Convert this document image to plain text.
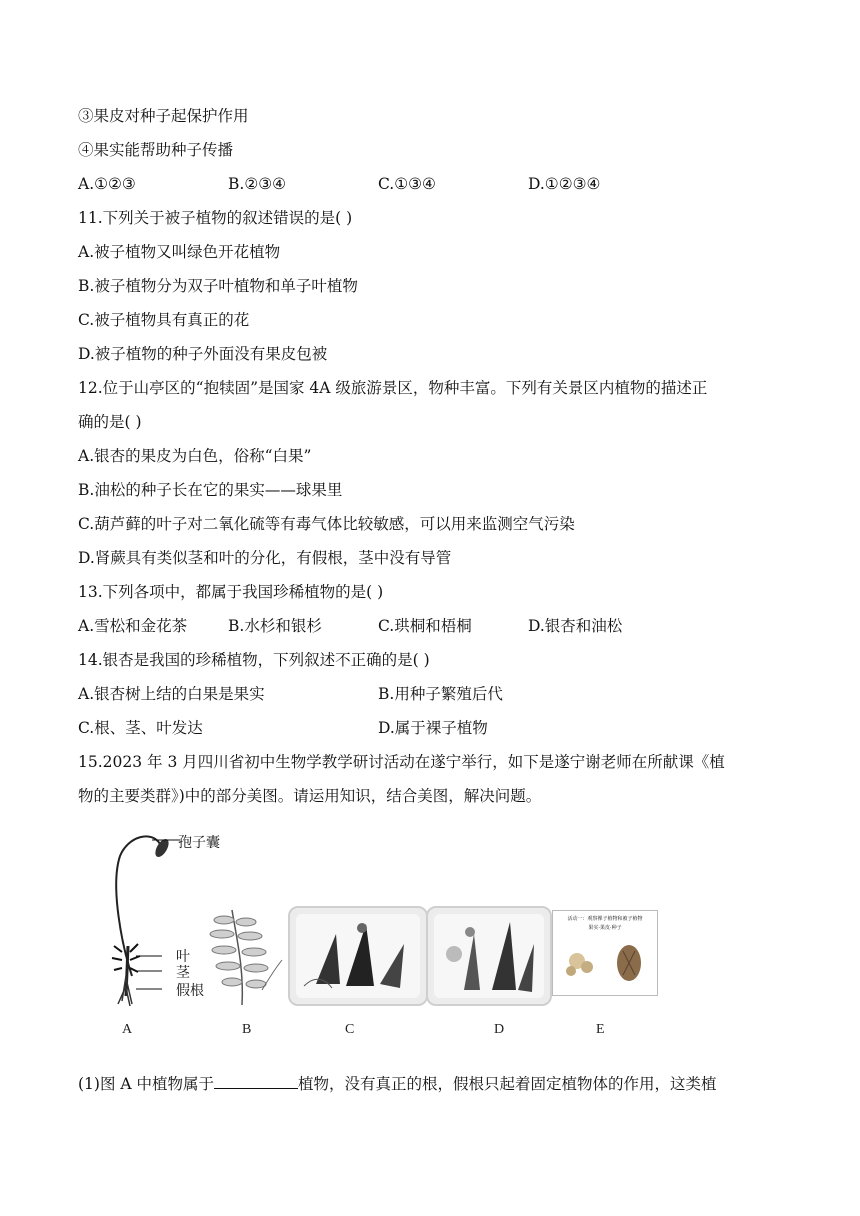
③果皮对种子起保护作用
④果实能帮助种子传播
A.①②③	B.②③④	C.①③④	D.①②③④
11.下列关于被子植物的叙述错误的是( )
A.被子植物又叫绿色开花植物
B.被子植物分为双子叶植物和单子叶植物
C.被子植物具有真正的花
D.被子植物的种子外面没有果皮包被
12.位于山亭区的“抱犊固”是国家 4A 级旅游景区，物种丰富。下列有关景区内植物的描述正
确的是( )
A.银杏的果皮为白色，俗称“白果”
B.油松的种子长在它的果实——球果里
C.葫芦藓的叶子对二氧化硫等有毒气体比较敏感，可以用来监测空气污染
D.肾蕨具有类似茎和叶的分化，有假根，茎中没有导管
13.下列各项中，都属于我国珍稀植物的是( )
A.雪松和金花茶	B.水杉和银杉	C.珙桐和梧桐	D.银杏和油松
14.银杏是我国的珍稀植物，下列叙述不正确的是( )
A.银杏树上结的白果是果实	B.用种子繁殖后代
C.根、茎、叶发达	D.属于裸子植物
15.2023 年 3 月四川省初中生物学教学研讨活动在遂宁举行，如下是遂宁谢老师在所献课《植
物的主要类群》)中的部分美图。请运用知识，结合美图，解决问题。
孢子囊
叶
茎
假根
活动一：观察裸子植物和被子植物
果实·果皮·种子
A	B	C	D	E
(1)图 A 中植物属于	植物，没有真正的根，假根只起着固定植物体的作用，这类植
